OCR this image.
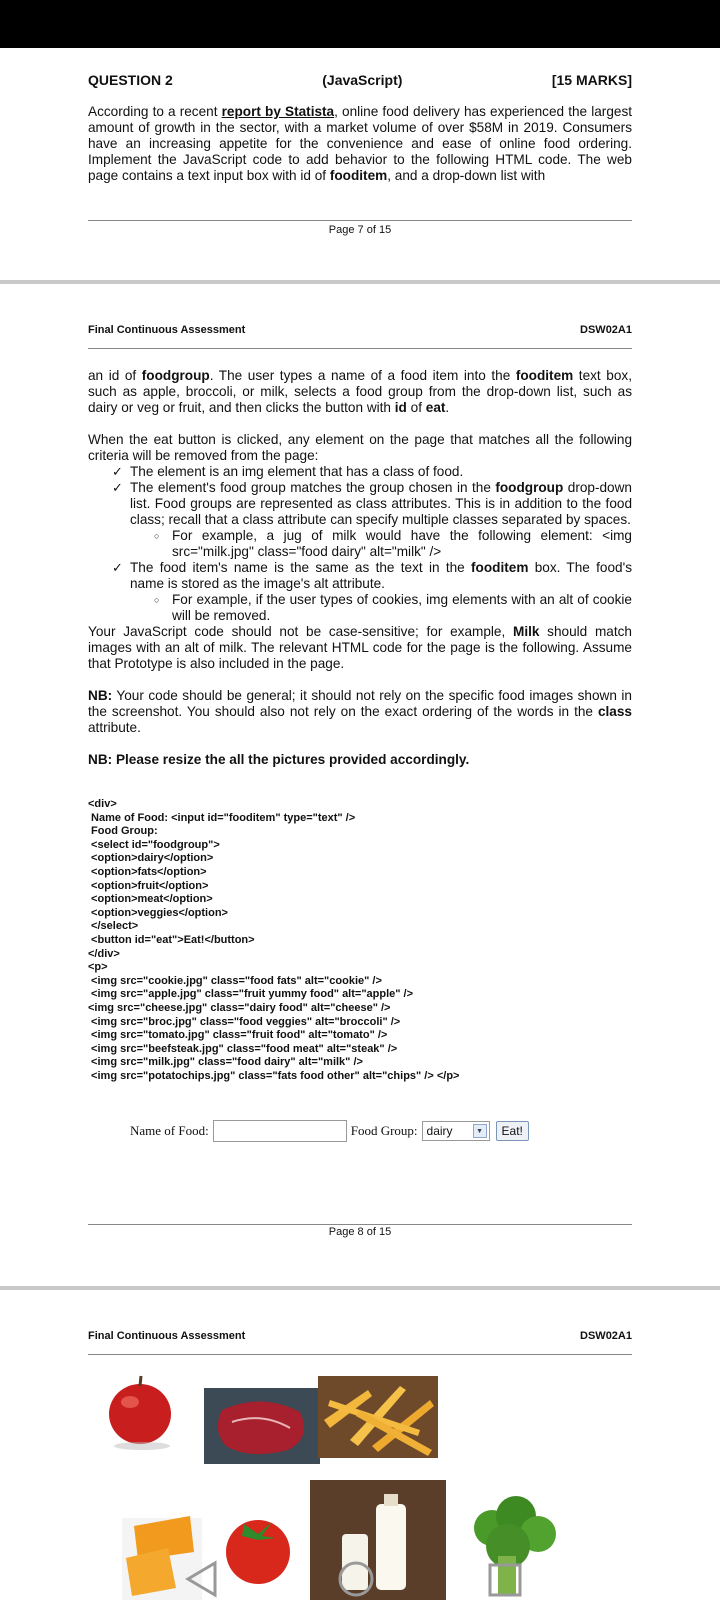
QUESTION 2	(JavaScript)	[15 MARKS]
According to a recent report by Statista, online food delivery has experienced the largest amount of growth in the sector, with a market volume of over $58M in 2019. Consumers have an increasing appetite for the convenience and ease of online food ordering. Implement the JavaScript code to add behavior to the following HTML code. The web page contains a text input box with id of fooditem, and a drop-down list with
Page 7 of 15
Final Continuous Assessment	DSW02A1
an id of foodgroup. The user types a name of a food item into the fooditem text box, such as apple, broccoli, or milk, selects a food group from the drop-down list, such as dairy or veg or fruit, and then clicks the button with id of eat.
When the eat button is clicked, any element on the page that matches all the following criteria will be removed from the page:
✓ The element is an img element that has a class of food.
✓ The element's food group matches the group chosen in the foodgroup drop-down list. Food groups are represented as class attributes. This is in addition to the food class; recall that a class attribute can specify multiple classes separated by spaces.
○ For example, a jug of milk would have the following element: <img src="milk.jpg" class="food dairy" alt="milk" />
✓ The food item's name is the same as the text in the fooditem box. The food's name is stored as the image's alt attribute.
○ For example, if the user types of cookies, img elements with an alt of cookie will be removed.
Your JavaScript code should not be case-sensitive; for example, Milk should match images with an alt of milk. The relevant HTML code for the page is the following. Assume that Prototype is also included in the page.
NB: Your code should be general; it should not rely on the specific food images shown in the screenshot. You should also not rely on the exact ordering of the words in the class attribute.
NB: Please resize the all the pictures provided accordingly.
<div>
Name of Food: <input id="fooditem" type="text" />
Food Group:
<select id="foodgroup">
<option>dairy</option>
<option>fats</option>
<option>fruit</option>
<option>meat</option>
<option>veggies</option>
</select>
<button id="eat">Eat!</button>
</div>
<p>
<img src="cookie.jpg" class="food fats" alt="cookie" />
<img src="apple.jpg" class="fruit yummy food" alt="apple" />
<img src="cheese.jpg" class="dairy food" alt="cheese" />
<img src="broc.jpg" class="food veggies" alt="broccoli" />
<img src="tomato.jpg" class="fruit food" alt="tomato" />
<img src="beefsteak.jpg" class="food meat" alt="steak" />
<img src="milk.jpg" class="food dairy" alt="milk" />
<img src="potatochips.jpg" class="fats food other" alt="chips" /> </p>
Name of Food:	Food Group: dairy	▼	Eat!
Page 8 of 15
Final Continuous Assessment	DSW02A1
